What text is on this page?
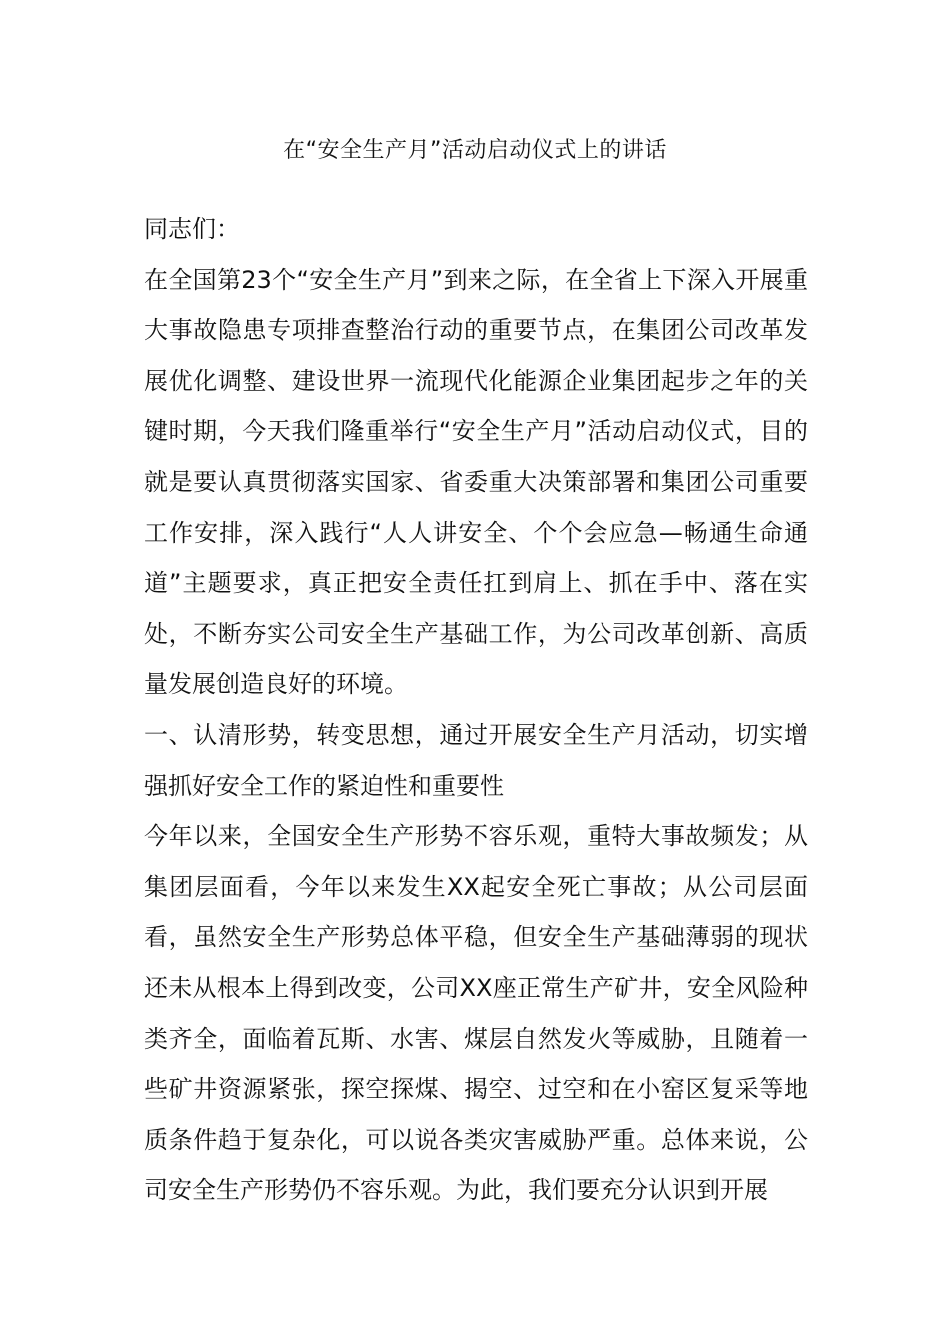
在“安全生产月”活动启动仪式上的讲话

同志们：

在全国第23个“安全生产月”到来之际，在全省上下深入开展重大事故隐患专项排查整治行动的重要节点，在集团公司改革发展优化调整、建设世界一流现代化能源企业集团起步之年的关键时期，今天我们隆重举行“安全生产月”活动启动仪式，目的就是要认真贯彻落实国家、省委重大决策部署和集团公司重要工作安排，深入践行“人人讲安全、个个会应急—畅通生命通道”主题要求，真正把安全责任扛到肩上、抓在手中、落在实处，不断夯实公司安全生产基础工作，为公司改革创新、高质量发展创造良好的环境。

一、认清形势，转变思想，通过开展安全生产月活动，切实增强抓好安全工作的紧迫性和重要性

今年以来，全国安全生产形势不容乐观，重特大事故频发；从集团层面看，今年以来发生XX起安全死亡事故；从公司层面看，虽然安全生产形势总体平稳，但安全生产基础薄弱的现状还未从根本上得到改变，公司XX座正常生产矿井，安全风险种类齐全，面临着瓦斯、水害、煤层自然发火等威胁，且随着一些矿井资源紧张，探空探煤、揭空、过空和在小窑区复采等地质条件趋于复杂化，可以说各类灾害威胁严重。总体来说，公司安全生产形势仍不容乐观。为此，我们要充分认识到开展
